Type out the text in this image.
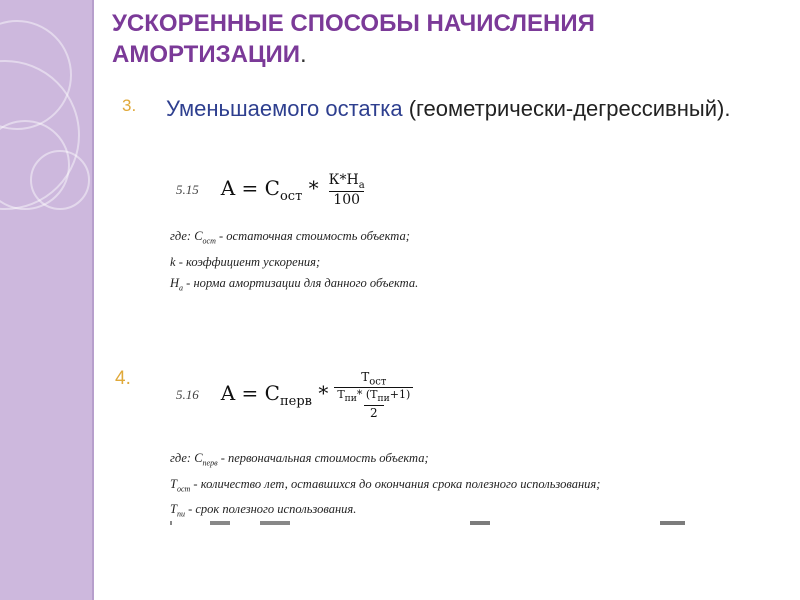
УСКОРЕННЫЕ СПОСОБЫ НАЧИСЛЕНИЯ АМОРТИЗАЦИИ.
3. Уменьшаемого остатка (геометрически-дегрессивный).
5.15 $A = С_{ост} * \frac{К*Н_а}{100}$
где: $С_{ост}$ - остаточная стоимость объекта;
k - коэффициент ускорения;
$Н_а$ - норма амортизации для данного объекта.
4.
5.16 $A = С_{перв} * Т_{ост}$
$Т_{пи}*$ $(Т_{пи}+1)$
2
где: $С_{перв}$ - первоначальная стоимость объекта;
$Т_{ост}$ - количество лет, оставшихся до окончания срока полезного использования;
$Т_{пи}$ - срок полезного использования.
